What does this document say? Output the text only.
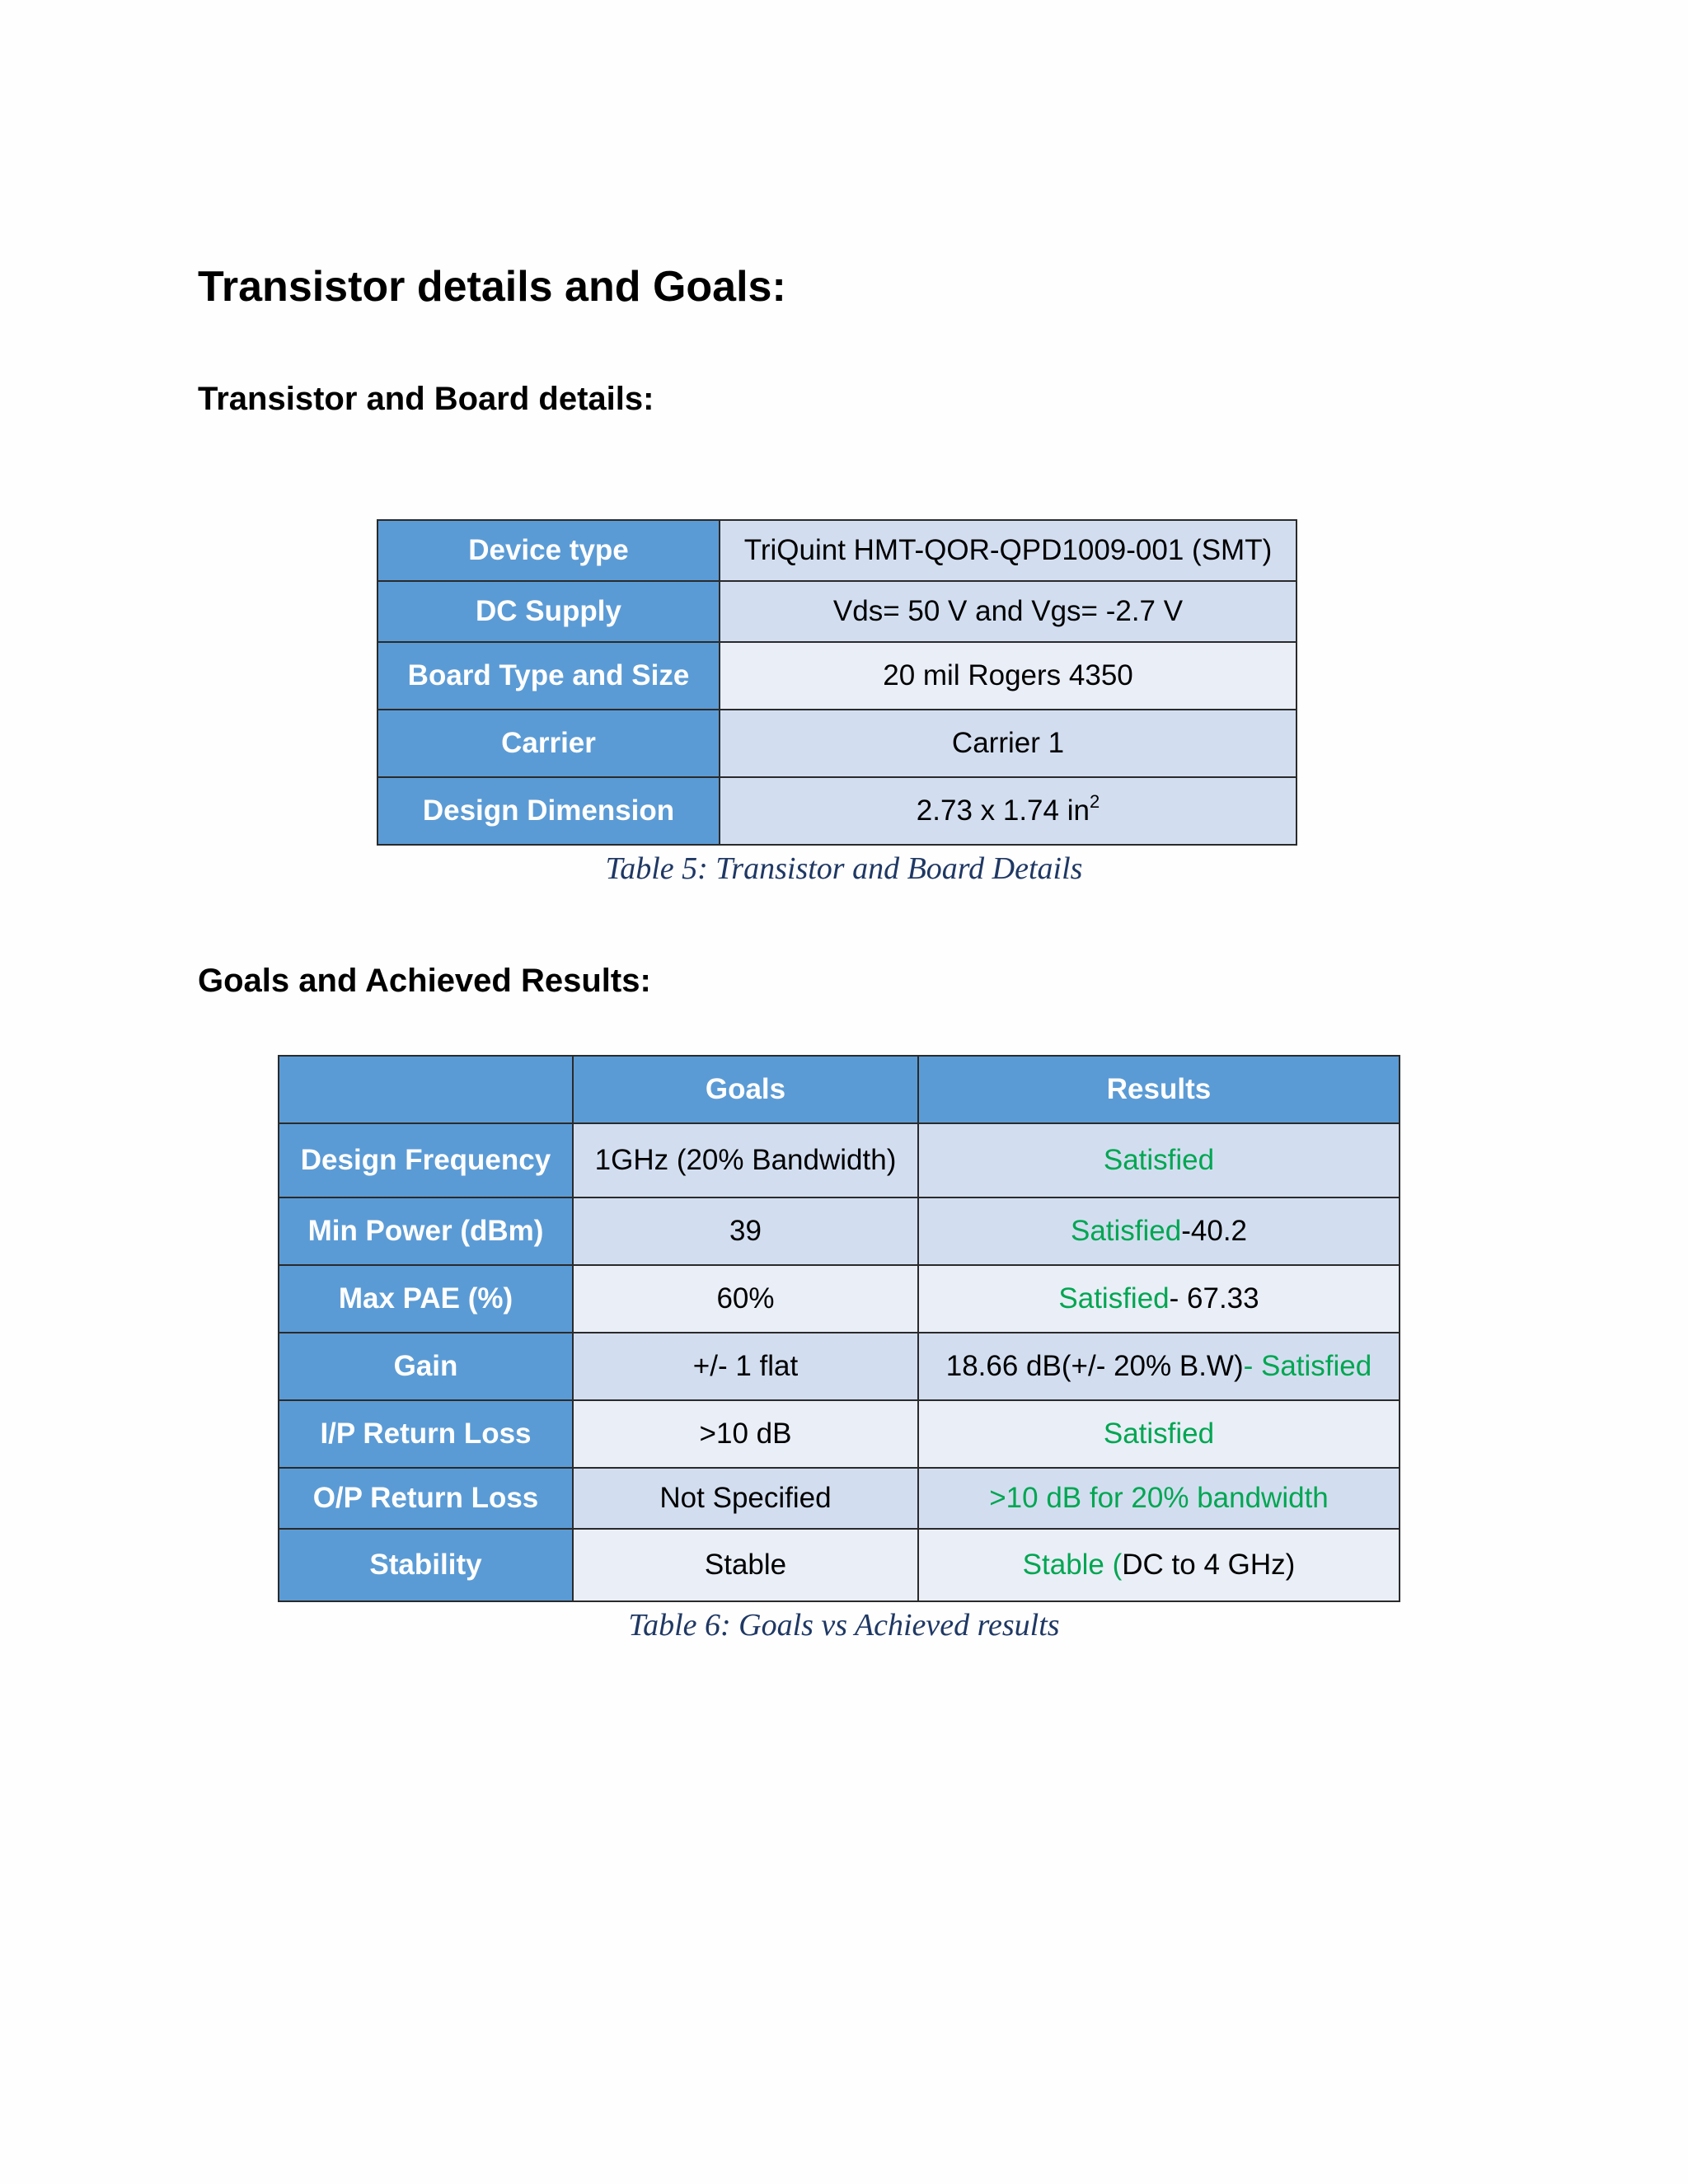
Transistor details and Goals:
Transistor and Board details:
Device type	TriQuint HMT-QOR-QPD1009-001 (SMT)
DC Supply	Vds= 50 V and Vgs= -2.7 V
Board Type and Size	20 mil Rogers 4350
Carrier	Carrier 1
Design Dimension	2.73 x 1.74 $in^2$
Table 5: Transistor and Board Details
Goals and Achieved Results:
	Goals	Results
Design Frequency	1GHz (20% Bandwidth)	Satisfied
Min Power (dBm)	39	Satisfied-40.2
Max PAE (%)	60%	Satisfied- 67.33
Gain	+/- 1 flat	18.66 dB(+/- 20% B.W)- Satisfied
I/P Return Loss	>10 dB	Satisfied
O/P Return Loss	Not Specified	>10 dB for 20% bandwidth
Stability	Stable	Stable (DC to 4 GHz)
Table 6: Goals vs Achieved results
